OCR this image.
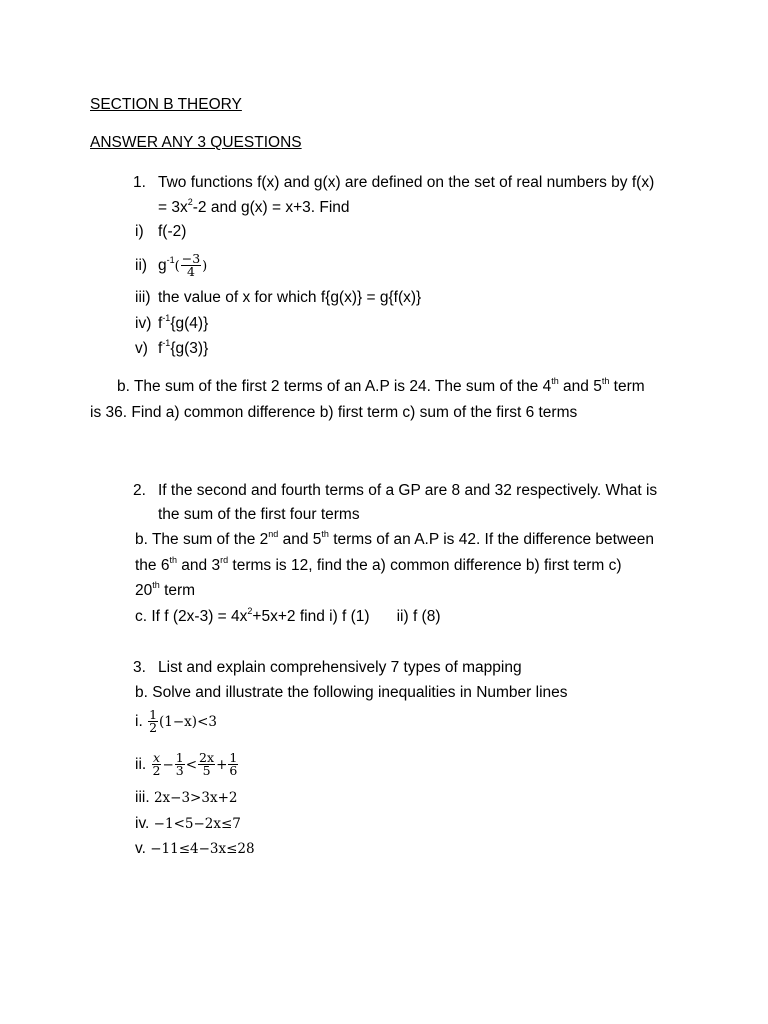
SECTION B THEORY
ANSWER ANY 3 QUESTIONS
1. Two functions f(x) and g(x) are defined on the set of real numbers by f(x)
= $3x^2-2$ and g(x) = x+3. Find
i) f(-2)
ii) $g^{-1}( \frac{-3}{4}$ )
iii) the value of x for which f{g(x)} = g{f(x)}
iv) $f^{-1}\{g(4)\}$
v) $f^{-1}\{g(3)\}$
b. The sum of the first 2 terms of an A.P is 24. The sum of the 4th and 5th term
is 36. Find a) common difference b) first term c) sum of the first 6 terms
2. If the second and fourth terms of a GP are 8 and 32 respectively. What is
the sum of the first four terms
b. The sum of the 2nd and 5th terms of an A.P is 42. If the difference between
the 6th and 3rd terms is 12, find the a) common difference b) first term c)
20th term
c. If f $(2x-3) = 4x^2+5x+2$ find i) f (1) ii) f (8)
3. List and explain comprehensively 7 types of mapping
b. Solve and illustrate the following inequalities in Number lines
i. $\frac{1}{2} (1-x)<3$
ii. $\frac{x}{2} - \frac{1}{3} < \frac{2x}{5} + \frac{1}{6}$
iii. 2x−3>3x+2
iv. −1<5−2x≤7
v. −11≤4−3x≤28
